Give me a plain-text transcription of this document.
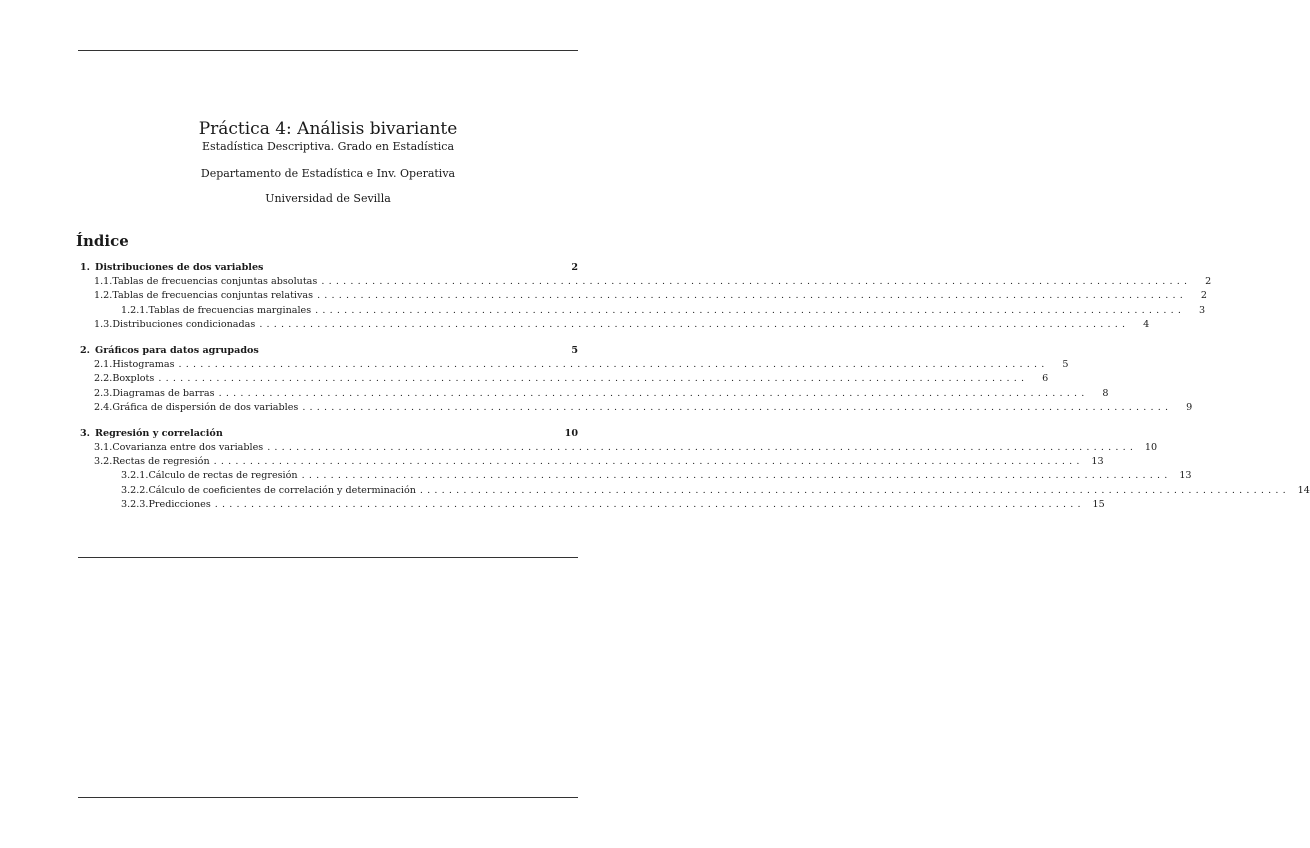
Práctica 4: Análisis bivariante
Estadística Descriptiva. Grado en Estadística
Departamento de Estadística e Inv. Operativa
Universidad de Sevilla
Índice
1. Distribuciones de dos variables	2
1.1. Tablas de frecuencias conjuntas absolutas ........................................................................................................................	2
1.2. Tablas de frecuencias conjuntas relativas ........................................................................................................................	2
1.2.1. Tablas de frecuencias marginales ........................................................................................................................	3
1.3. Distribuciones condicionadas ........................................................................................................................	4
2. Gráficos para datos agrupados	5
2.1. Histogramas ........................................................................................................................	5
2.2. Boxplots ........................................................................................................................	6
2.3. Diagramas de barras ........................................................................................................................	8
2.4. Gráfica de dispersión de dos variables ........................................................................................................................	9
3. Regresión y correlación	10
3.1. Covarianza entre dos variables ........................................................................................................................ 10
3.2. Rectas de regresión ........................................................................................................................ 13
3.2.1. Cálculo de rectas de regresión ........................................................................................................................ 13
3.2.2. Cálculo de coeficientes de correlación y determinación ........................................................................................................................ 14
3.2.3. Predicciones ........................................................................................................................ 15
